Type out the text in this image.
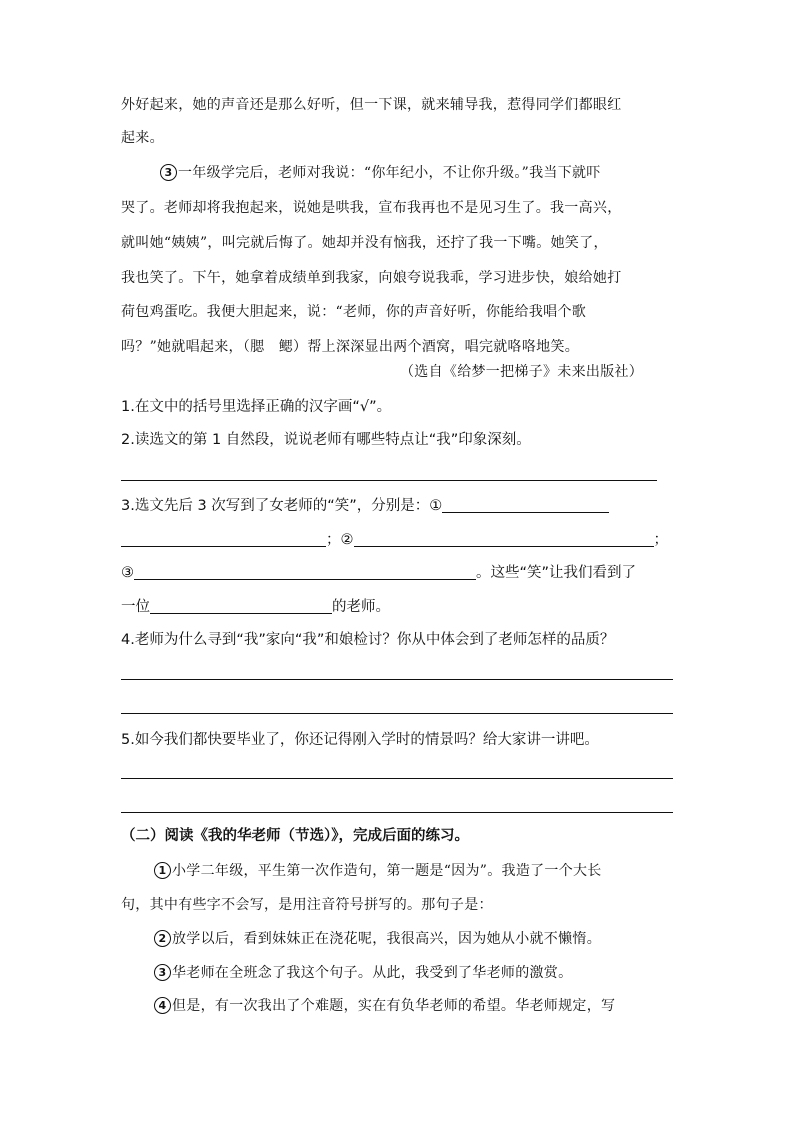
外好起来，她的声音还是那么好听，但一下课，就来辅导我，惹得同学们都眼红
起来。
3 一年级学完后，老师对我说：“你年纪小，不让你升级。”我当下就吓
哭了。老师却将我抱起来，说她是哄我，宣布我再也不是见习生了。我一高兴，
就叫她“姨姨”，叫完就后悔了。她却并没有恼我，还拧了我一下嘴。她笑了，
我也笑了。下午，她拿着成绩单到我家，向娘夸说我乖，学习进步快，娘给她打
荷包鸡蛋吃。我便大胆起来，说：“老师，你的声音好听，你能给我唱个歌
吗？”她就唱起来，（腮　鳃）帮上深深显出两个酒窝，唱完就咯咯地笑。
（选自《给梦一把梯子》未来出版社）
1.在文中的括号里选择正确的汉字画“√”。
2.读选文的第 1 自然段，说说老师有哪些特点让“我”印象深刻。
3.选文先后 3 次写到了女老师的“笑”，分别是：①
；②	；
③	。这些“笑”让我们看到了
一位	的老师。
4.老师为什么寻到“我”家向“我”和娘检讨？你从中体会到了老师怎样的品质？
5.如今我们都快要毕业了，你还记得刚入学时的情景吗？给大家讲一讲吧。
（二）阅读《我的华老师（节选）》，完成后面的练习。
1 小学二年级，平生第一次作造句，第一题是“因为”。我造了一个大长
句，其中有些字不会写，是用注音符号拼写的。那句子是：
2 放学以后，看到妹妹正在浇花呢，我很高兴，因为她从小就不懒惰。
3 华老师在全班念了我这个句子。从此，我受到了华老师的激赏。
4 但是，有一次我出了个难题，实在有负华老师的希望。华老师规定，写
